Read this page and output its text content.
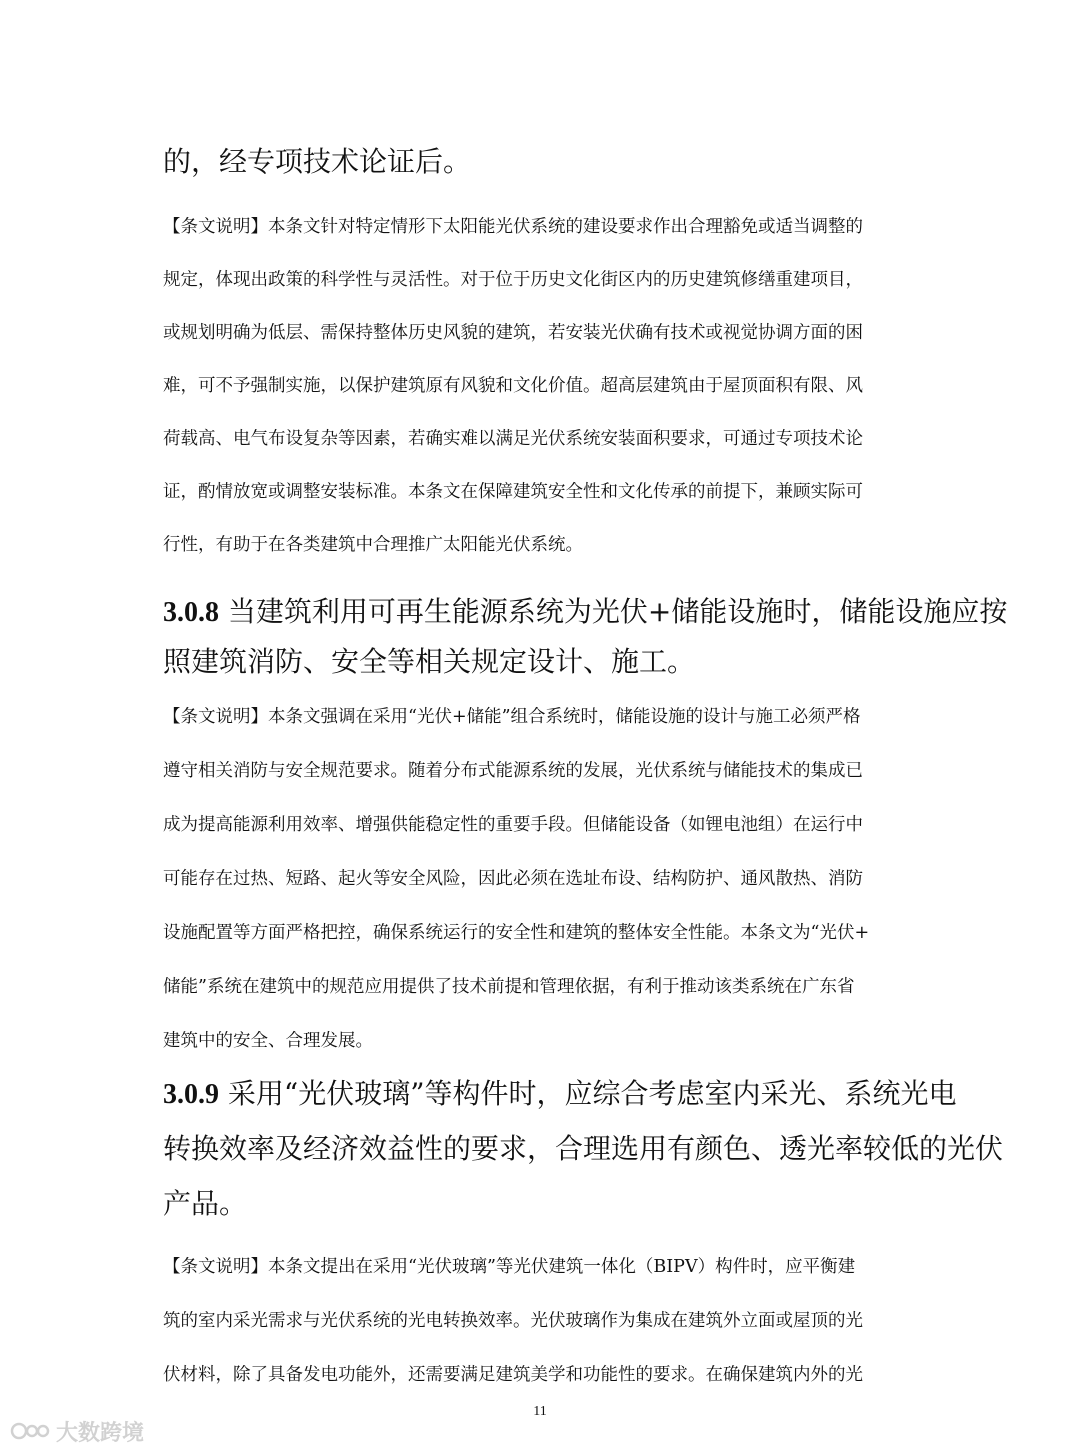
的，经专项技术论证后。
【条文说明】本条文针对特定情形下太阳能光伏系统的建设要求作出合理豁免或适当调整的
规定，体现出政策的科学性与灵活性。对于位于历史文化街区内的历史建筑修缮重建项目，
或规划明确为低层、需保持整体历史风貌的建筑，若安装光伏确有技术或视觉协调方面的困
难，可不予强制实施，以保护建筑原有风貌和文化价值。超高层建筑由于屋顶面积有限、风
荷载高、电气布设复杂等因素，若确实难以满足光伏系统安装面积要求，可通过专项技术论
证，酌情放宽或调整安装标准。本条文在保障建筑安全性和文化传承的前提下，兼顾实际可
行性，有助于在各类建筑中合理推广太阳能光伏系统。
3.0.8 当建筑利用可再生能源系统为光伏+储能设施时，储能设施应按
照建筑消防、安全等相关规定设计、施工。
【条文说明】本条文强调在采用“光伏+储能”组合系统时，储能设施的设计与施工必须严格
遵守相关消防与安全规范要求。随着分布式能源系统的发展，光伏系统与储能技术的集成已
成为提高能源利用效率、增强供能稳定性的重要手段。但储能设备（如锂电池组）在运行中
可能存在过热、短路、起火等安全风险，因此必须在选址布设、结构防护、通风散热、消防
设施配置等方面严格把控，确保系统运行的安全性和建筑的整体安全性能。本条文为“光伏+
储能”系统在建筑中的规范应用提供了技术前提和管理依据，有利于推动该类系统在广东省
建筑中的安全、合理发展。
3.0.9 采用“光伏玻璃”等构件时，应综合考虑室内采光、系统光电
转换效率及经济效益性的要求，合理选用有颜色、透光率较低的光伏
产品。
【条文说明】本条文提出在采用“光伏玻璃”等光伏建筑一体化（BIPV）构件时，应平衡建
筑的室内采光需求与光伏系统的光电转换效率。光伏玻璃作为集成在建筑外立面或屋顶的光
伏材料，除了具备发电功能外，还需要满足建筑美学和功能性的要求。在确保建筑内外的光
11
大数跨境
